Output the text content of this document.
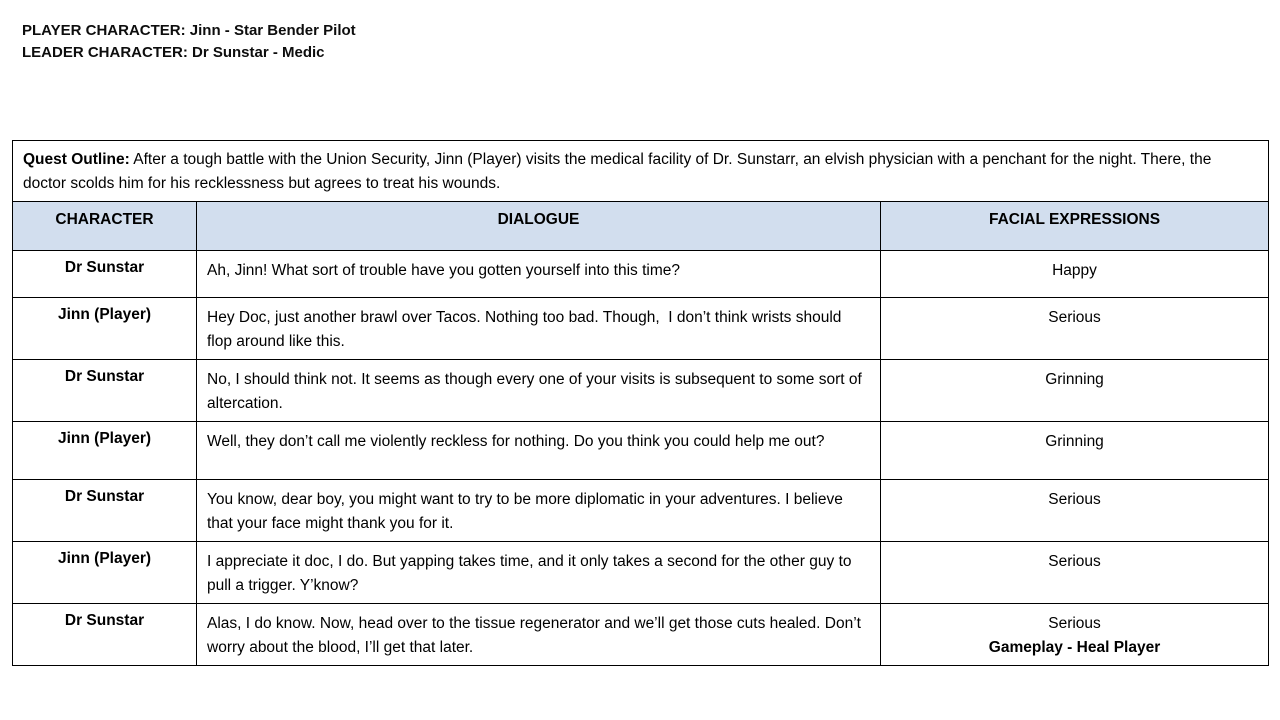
PLAYER CHARACTER: Jinn - Star Bender Pilot
LEADER CHARACTER: Dr Sunstar - Medic
Quest Outline: After a tough battle with the Union Security, Jinn (Player) visits the medical facility of Dr. Sunstarr, an elvish physician with a penchant for the night. There, the doctor scolds him for his recklessness but agrees to treat his wounds.		
CHARACTER	DIALOGUE	FACIAL EXPRESSIONS
Dr Sunstar	Ah, Jinn! What sort of trouble have you gotten yourself into this time?	Happy
Jinn (Player)	Hey Doc, just another brawl over Tacos. Nothing too bad. Though,  I don’t think wrists should flop around like this.	Serious
Dr Sunstar	No, I should think not. It seems as though every one of your visits is subsequent to some sort of altercation.	Grinning
Jinn (Player)	Well, they don’t call me violently reckless for nothing. Do you think you could help me out?	Grinning
Dr Sunstar	You know, dear boy, you might want to try to be more diplomatic in your adventures. I believe that your face might thank you for it.	Serious
Jinn (Player)	I appreciate it doc, I do. But yapping takes time, and it only takes a second for the other guy to pull a trigger. Y’know?	Serious
Dr Sunstar	Alas, I do know. Now, head over to the tissue regenerator and we’ll get those cuts healed. Don’t worry about the blood, I’ll get that later.	Serious
Gameplay - Heal Player
